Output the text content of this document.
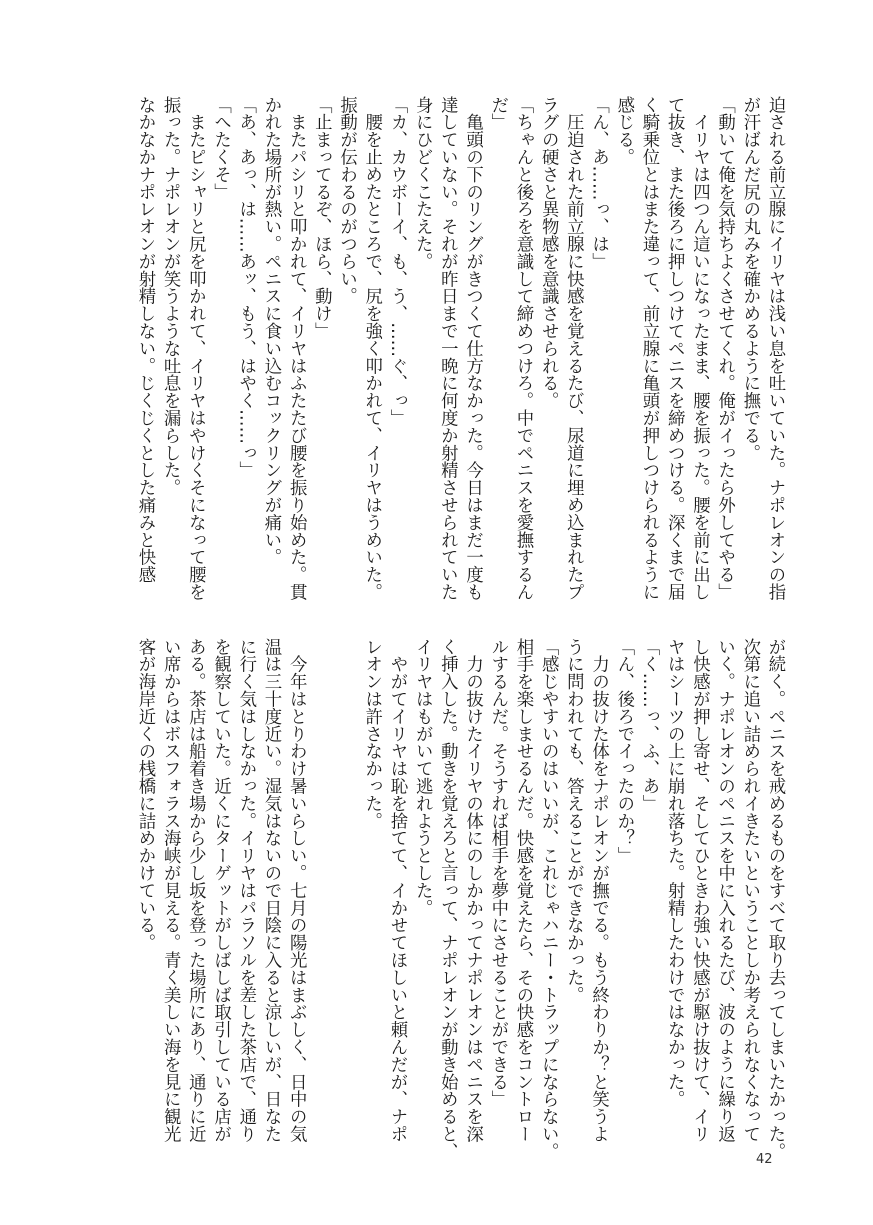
迫される前立腺にイリヤは浅い息を吐いていた。ナポレオンの指
が汗ばんだ尻の丸みを確かめるように撫でる。
「動いて俺を気持ちよくさせてくれ。俺がイったら外してやる」
　イリヤは四つん這いになったまま、腰を振った。腰を前に出し
て抜き、また後ろに押しつけてペニスを締めつける。深くまで届
く騎乗位とはまた違って、前立腺に亀頭が押しつけられるように
感じる。
「ん、あ……っ、は」
　圧迫された前立腺に快感を覚えるたび、尿道に埋め込まれたプ
ラグの硬さと異物感を意識させられる。
「ちゃんと後ろを意識して締めつけろ。中でペニスを愛撫するん
だ」
　亀頭の下のリングがきつくて仕方なかった。今日はまだ一度も
達していない。それが昨日まで一晩に何度か射精させられていた
身にひどくこたえた。
「カ、カウボーイ、も、う、……ぐ、っ」
　腰を止めたところで、尻を強く叩かれて、イリヤはうめいた。
振動が伝わるのがつらい。
「止まってるぞ、ほら、動け」
　またパシリと叩かれて、イリヤはふたたび腰を振り始めた。貫
かれた場所が熱い。ペニスに食い込むコックリングが痛い。
「あ、あっ、は……あッ、もう、はやく……っ」
「へたくそ」
　またピシャリと尻を叩かれて、イリヤはやけくそになって腰を
振った。ナポレオンが笑うような吐息を漏らした。
なかなかナポレオンが射精しない。じくじくとした痛みと快感
が続く。ペニスを戒めるものをすべて取り去ってしまいたかった。
次第に追い詰められイきたいということしか考えられなくなって
いく。ナポレオンのペニスを中に入れるたび、波のように繰り返
し快感が押し寄せ、そしてひときわ強い快感が駆け抜けて、イリ
ヤはシーツの上に崩れ落ちた。射精したわけではなかった。
「く……っ、ふ、あ」
「ん、後ろでイったのか？」
　力の抜けた体をナポレオンが撫でる。もう終わりか？と笑うよ
うに問われても、答えることができなかった。
「感じやすいのはいいが、これじゃハニー・トラップにならない。
相手を楽しませるんだ。快感を覚えたら、その快感をコントロー
ルするんだ。そうすれば相手を夢中にさせることができる」
　力の抜けたイリヤの体にのしかかってナポレオンはペニスを深
く挿入した。動きを覚えろと言って、ナポレオンが動き始めると、
イリヤはもがいて逃れようとした。
　やがてイリヤは恥を捨てて、イかせてほしいと頼んだが、ナポ
レオンは許さなかった。
　今年はとりわけ暑いらしい。七月の陽光はまぶしく、日中の気
温は三十度近い。湿気はないので日陰に入ると涼しいが、日なた
に行く気はしなかった。イリヤはパラソルを差した茶店で、通り
を観察していた。近くにターゲットがしばしば取引している店が
ある。茶店は船着き場から少し坂を登った場所にあり、通りに近
い席からはボスフォラス海峡が見える。青く美しい海を見に観光
客が海岸近くの桟橋に詰めかけている。
42
